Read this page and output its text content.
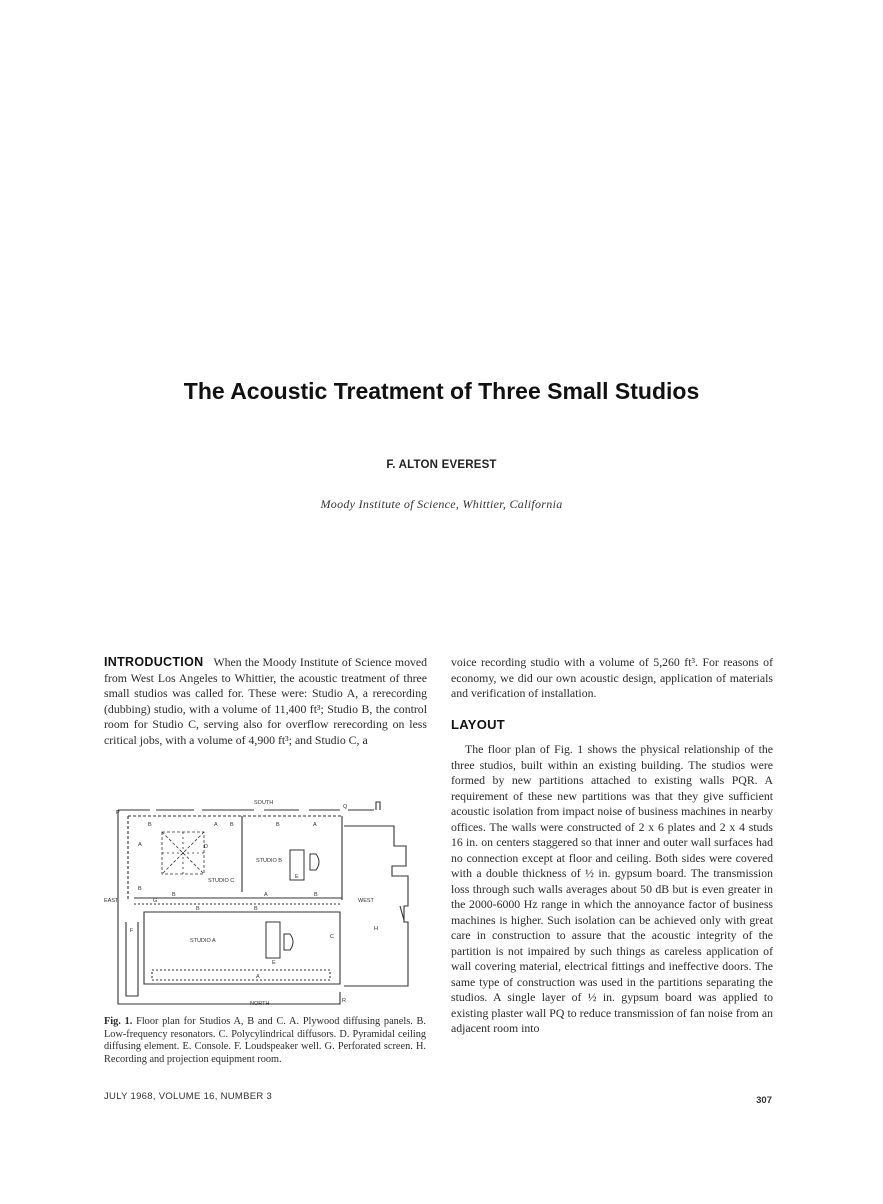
The Acoustic Treatment of Three Small Studios
F. ALTON EVEREST
Moody Institute of Science, Whittier, California
INTRODUCTION When the Moody Institute of Science moved from West Los Angeles to Whittier, the acoustic treatment of three small studios was called for. These were: Studio A, a rerecording (dubbing) studio, with a volume of 11,400 ft³; Studio B, the control room for Studio C, serving also for overflow rerecording on less critical jobs, with a volume of 4,900 ft³; and Studio C, a
voice recording studio with a volume of 5,260 ft³. For reasons of economy, we did our own acoustic design, application of materials and verification of installation.
LAYOUT
The floor plan of Fig. 1 shows the physical relationship of the three studios, built within an existing building. The studios were formed by new partitions attached to existing walls PQR. A requirement of these new partitions was that they give sufficient acoustic isolation from impact noise of business machines in nearby offices. The walls were constructed of 2 x 6 plates and 2 x 4 studs 16 in. on centers staggered so that inner and outer wall surfaces had no connection except at floor and ceiling. Both sides were covered with a double thickness of ½ in. gypsum board. The transmission loss through such walls averages about 50 dB but is even greater in the 2000-6000 Hz range in which the annoyance factor of business machines is higher. Such isolation can be achieved only with great care in construction to assure that the acoustic integrity of the partition is not impaired by such things as careless application of wall covering material, electrical fittings and ineffective doors. The same type of construction was used in the partitions separating the studios. A single layer of ½ in. gypsum board was applied to existing plaster wall PQ to reduce transmission of fan noise from an adjacent room into
SOUTH
NORTH
EAST	WEST
STUDIO A
STUDIO B
STUDIO C
P
Q
R
A	A
A
A
A
B	B	B
B
B	B
B
B
D
C
G
E
E
F	H
Fig. 1. Floor plan for Studios A, B and C. A. Plywood diffusing panels. B. Low-frequency resonators. C. Polycylindrical diffusors. D. Pyramidal ceiling diffusing element. E. Console. F. Loudspeaker well. G. Perforated screen. H. Recording and projection equipment room.
JULY 1968, VOLUME 16, NUMBER 3	307
